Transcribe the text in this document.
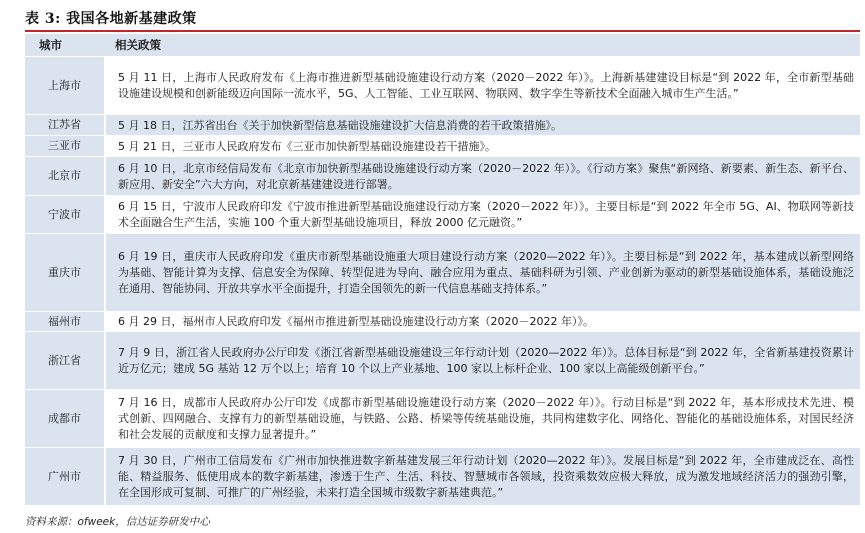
表 3: 我国各地新基建政策
城市	相关政策
上海市	5 月 11 日，上海市人民政府发布《上海市推进新型基础设施建设行动方案（2020－2022 年）》。上海新基建建设目标是“到 2022 年，全市新型基础设施建设规模和创新能级迈向国际一流水平，5G、人工智能、工业互联网、物联网、数字孪生等新技术全面融入城市生产生活。”
江苏省	5 月 18 日，江苏省出台《关于加快新型信息基础设施建设扩大信息消费的若干政策措施》。
三亚市	5 月 21 日，三亚市人民政府发布《三亚市加快新型基础设施建设若干措施》。
北京市	6 月 10 日，北京市经信局发布《北京市加快新型基础设施建设行动方案（2020－2022 年）》。《行动方案》聚焦“新网络、新要素、新生态、新平台、新应用、新安全”六大方向，对北京新基建建设进行部署。
宁波市	6 月 15 日，宁波市人民政府印发《宁波市推进新型基础设施建设行动方案（2020－2022 年）》。主要目标是“到 2022 年全市 5G、AI、物联网等新技术全面融合生产生活，实施 100 个重大新型基础设施项目，释放 2000 亿元融资。”
重庆市	6 月 19 日，重庆市人民政府印发《重庆市新型基础设施重大项目建设行动方案（2020—2022 年）》。主要目标是“到 2022 年，基本建成以新型网络为基础、智能计算为支撑、信息安全为保障、转型促进为导向、融合应用为重点、基础科研为引领、产业创新为驱动的新型基础设施体系，基础设施泛在通用、智能协同、开放共享水平全面提升，打造全国领先的新一代信息基础支持体系。”
福州市	6 月 29 日，福州市人民政府印发《福州市推进新型基础设施建设行动方案（2020－2022 年）》。
浙江省	7 月 9 日，浙江省人民政府办公厅印发《浙江省新型基础设施建设三年行动计划（2020—2022 年）》。总体目标是“到 2022 年，全省新基建投资累计近万亿元；建成 5G 基站 12 万个以上；培育 10 个以上产业基地、100 家以上标杆企业、100 家以上高能级创新平台。”
成都市	7 月 16 日，成都市人民政府办公厅印发《成都市新型基础设施建设行动方案（2020－2022 年）》。行动目标是“到 2022 年，基本形成技术先进、模式创新、四网融合、支撑有力的新型基础设施，与铁路、公路、桥梁等传统基础设施，共同构建数字化、网络化、智能化的基础设施体系，对国民经济和社会发展的贡献度和支撑力显著提升。”
广州市	7 月 30 日，广州市工信局发布《广州市加快推进数字新基建发展三年行动计划（2020—2022 年）》。发展目标是“到 2022 年，全市建成泛在、高性能、精益服务、低使用成本的数字新基建，渗透于生产、生活、科技、智慧城市各领域，投资乘数效应极大释放，成为激发地域经济活力的强劲引擎，在全国形成可复制、可推广的广州经验，未来打造全国城市级数字新基建典范。”
资料来源：ofweek，信达证券研发中心
